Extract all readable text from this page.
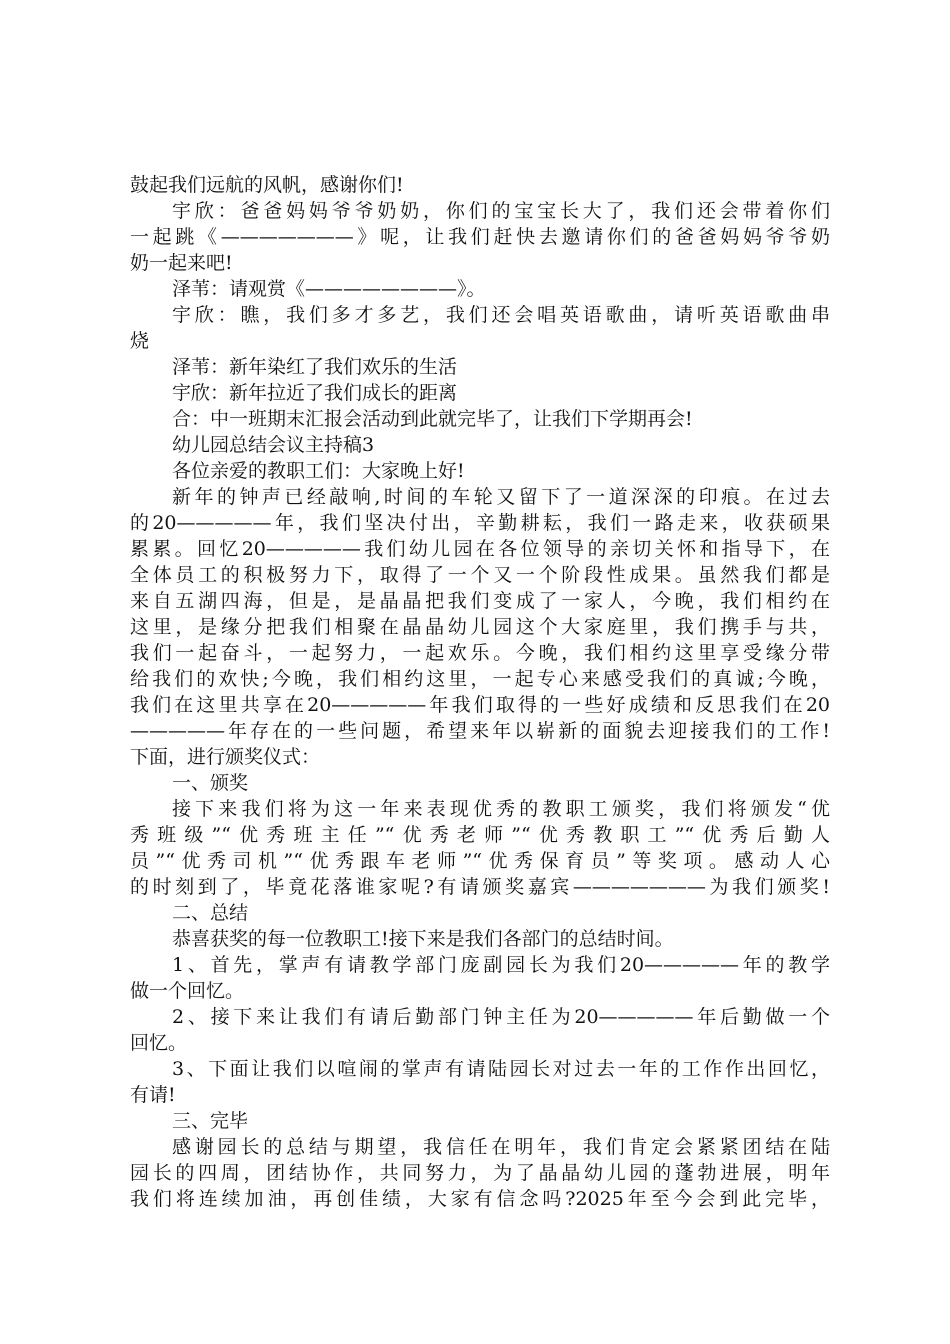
鼓起我们远航的风帆，感谢你们!
宇欣：爸爸妈妈爷爷奶奶，你们的宝宝长大了，我们还会带着你们
一起跳《———————》呢，让我们赶快去邀请你们的爸爸妈妈爷爷奶
奶一起来吧!
泽苇：请观赏《————————》。
宇欣：瞧，我们多才多艺，我们还会唱英语歌曲，请听英语歌曲串
烧
泽苇：新年染红了我们欢乐的生活
宇欣：新年拉近了我们成长的距离
合：中一班期末汇报会活动到此就完毕了，让我们下学期再会!
幼儿园总结会议主持稿3
各位亲爱的教职工们：大家晚上好!
新年的钟声已经敲响,时间的车轮又留下了一道深深的印痕。在过去
的20—————年，我们坚决付出，辛勤耕耘，我们一路走来，收获硕果
累累。回忆20—————我们幼儿园在各位领导的亲切关怀和指导下，在
全体员工的积极努力下，取得了一个又一个阶段性成果。虽然我们都是
来自五湖四海，但是，是晶晶把我们变成了一家人，今晚，我们相约在
这里，是缘分把我们相聚在晶晶幼儿园这个大家庭里，我们携手与共，
我们一起奋斗，一起努力，一起欢乐。今晚，我们相约这里享受缘分带
给我们的欢快;今晚，我们相约这里，一起专心来感受我们的真诚;今晚，
我们在这里共享在20—————年我们取得的一些好成绩和反思我们在20
—————年存在的一些问题，希望来年以崭新的面貌去迎接我们的工作!
下面，进行颁奖仪式：
一、颁奖
接下来我们将为这一年来表现优秀的教职工颁奖，我们将颁发“优
秀班级”“优秀班主任”“优秀老师”“优秀教职工”“优秀后勤人
员”“优秀司机”“优秀跟车老师”“优秀保育员”等奖项。感动人心
的时刻到了，毕竟花落谁家呢?有请颁奖嘉宾———————为我们颁奖!
二、总结
恭喜获奖的每一位教职工!接下来是我们各部门的总结时间。
1、首先，掌声有请教学部门庞副园长为我们20—————年的教学
做一个回忆。
2、接下来让我们有请后勤部门钟主任为20—————年后勤做一个
回忆。
3、下面让我们以喧闹的掌声有请陆园长对过去一年的工作作出回忆，
有请!
三、完毕
感谢园长的总结与期望，我信任在明年，我们肯定会紧紧团结在陆
园长的四周，团结协作，共同努力，为了晶晶幼儿园的蓬勃进展，明年
我们将连续加油，再创佳绩，大家有信念吗?2025年至今会到此完毕，
